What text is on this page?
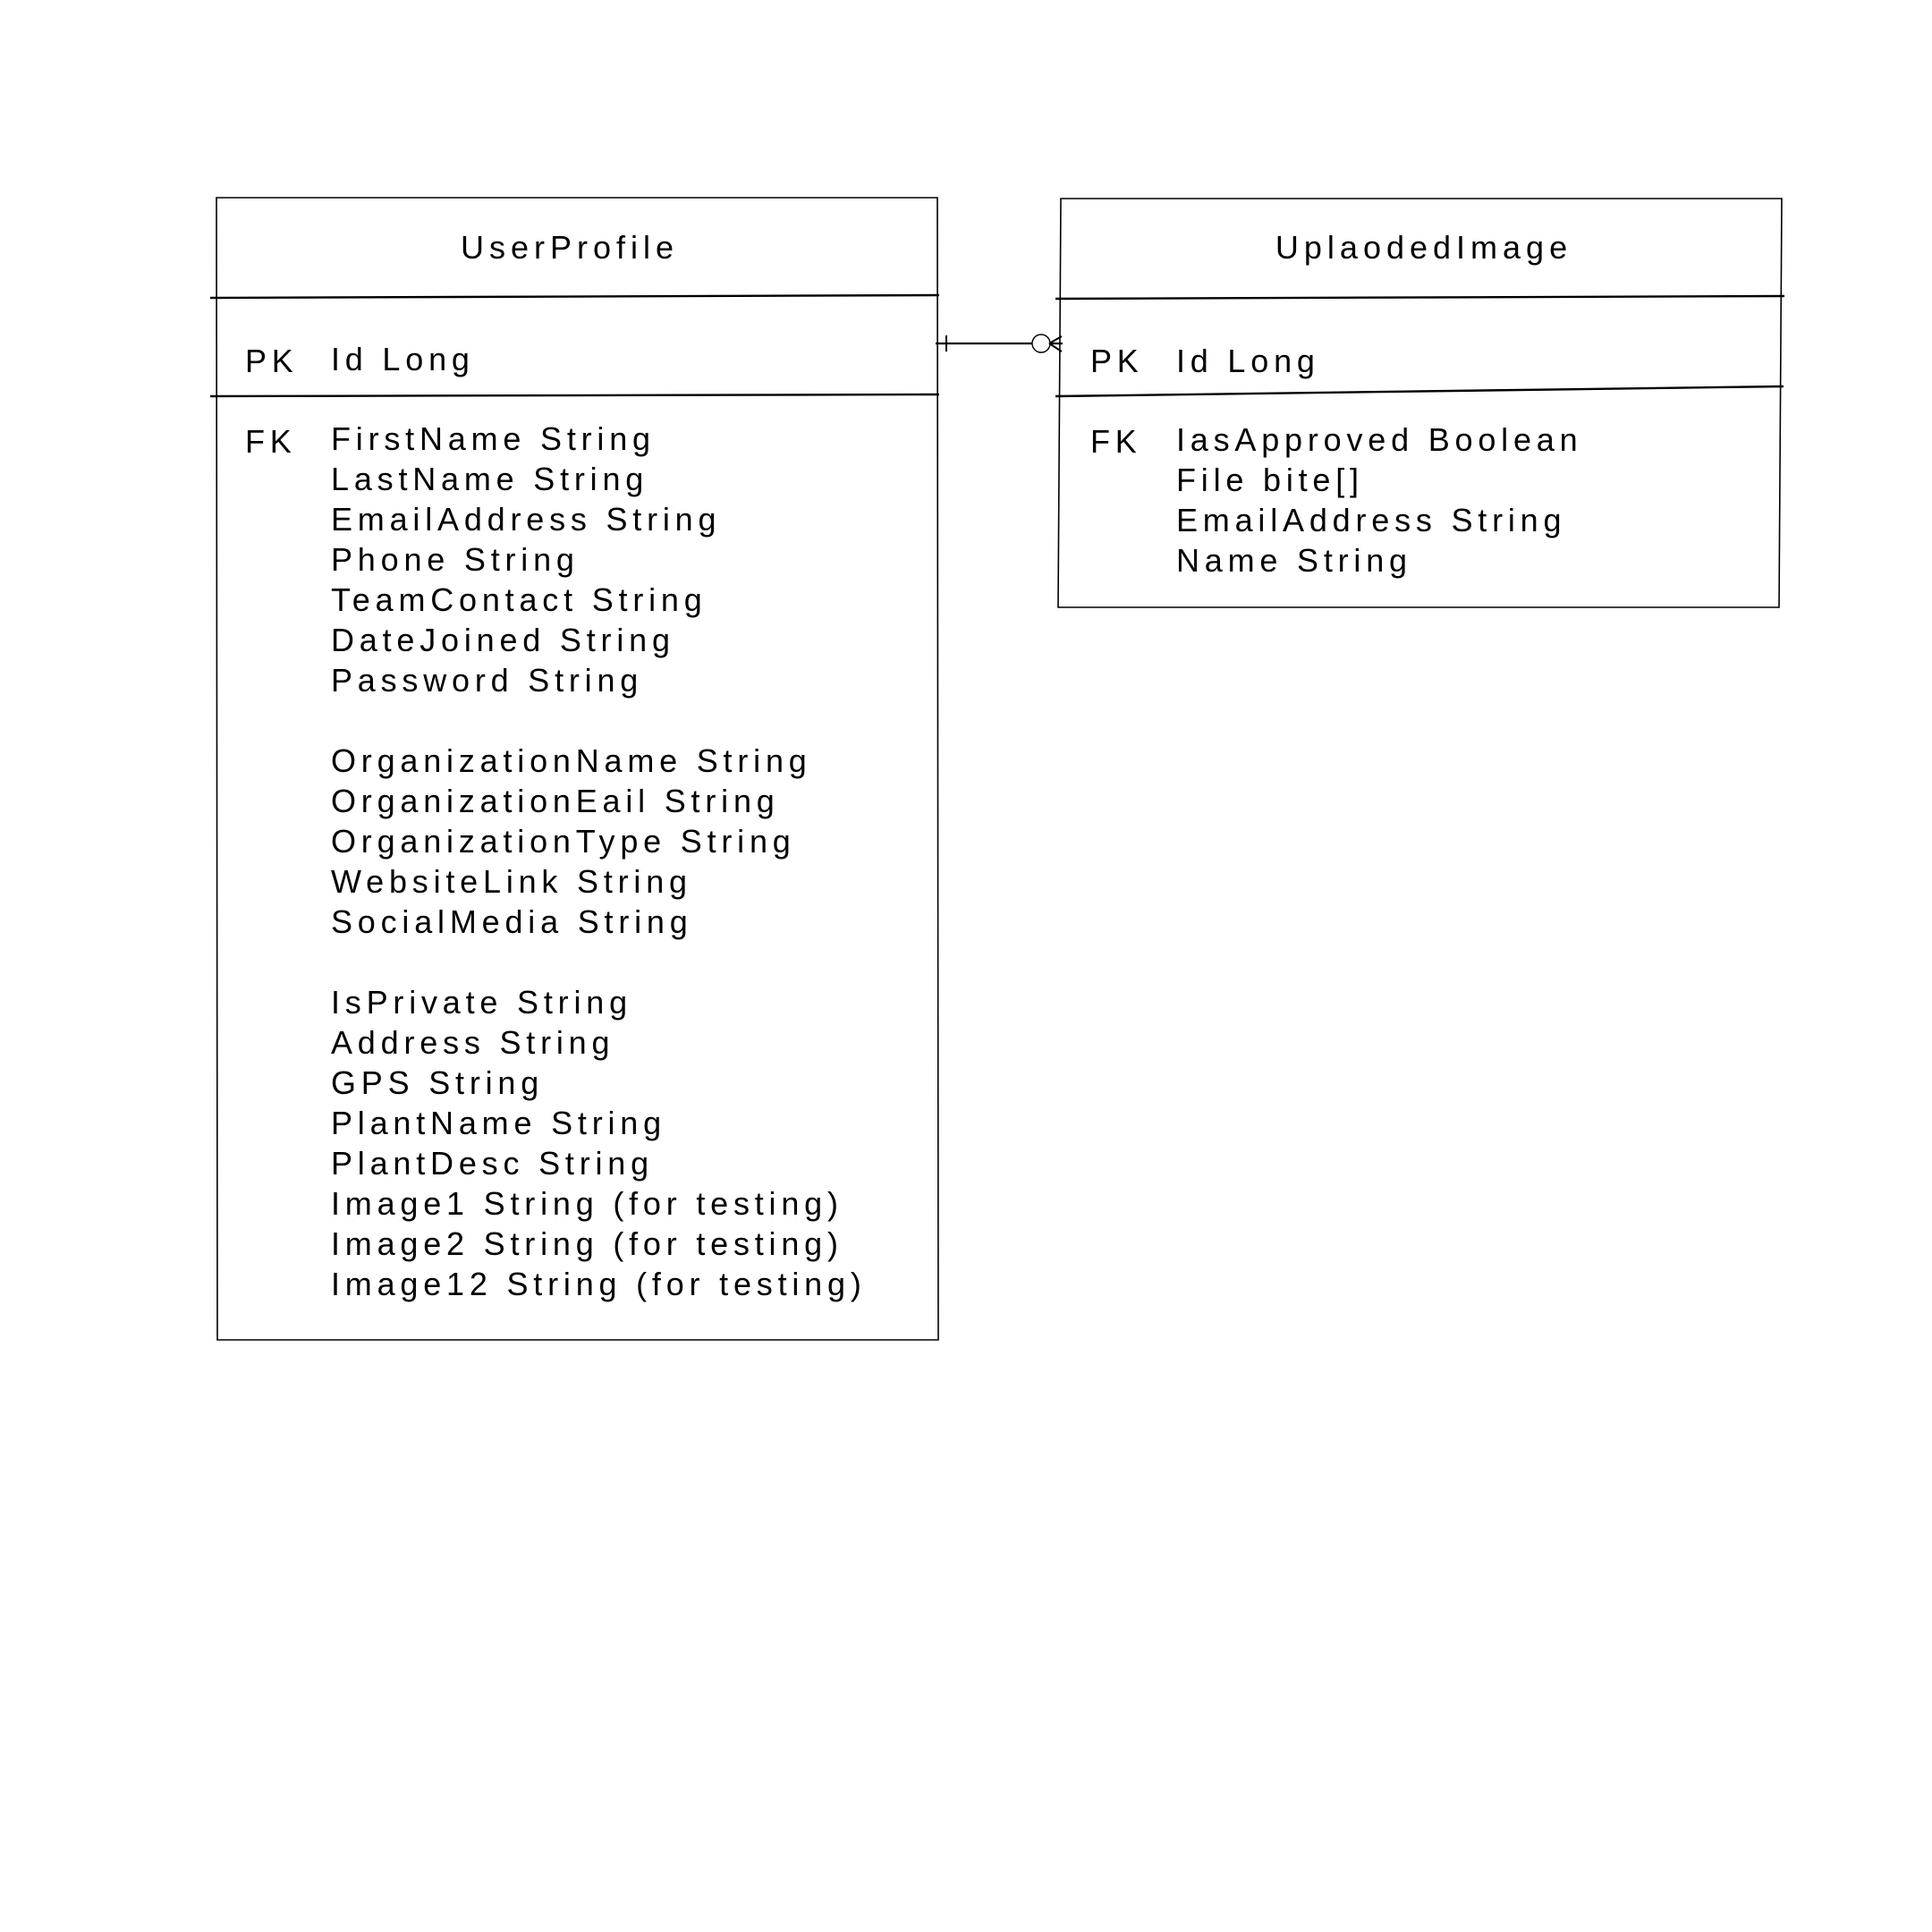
UserProfile
PK Id Long
FK FirstName String
LastName String
EmailAddress String
Phone String
TeamContact String
DateJoined String
Password String
OrganizationName String
OrganizationEail String
OrganizationType String
WebsiteLink String
SocialMedia String
IsPrivate String
Address String
GPS String
PlantName String
PlantDesc String
Image1 String (for testing)
Image2 String (for testing)
Image12 String (for testing)
UplaodedImage
PK Id Long
FK IasApproved Boolean
File bite[]
EmailAddress String
Name String
